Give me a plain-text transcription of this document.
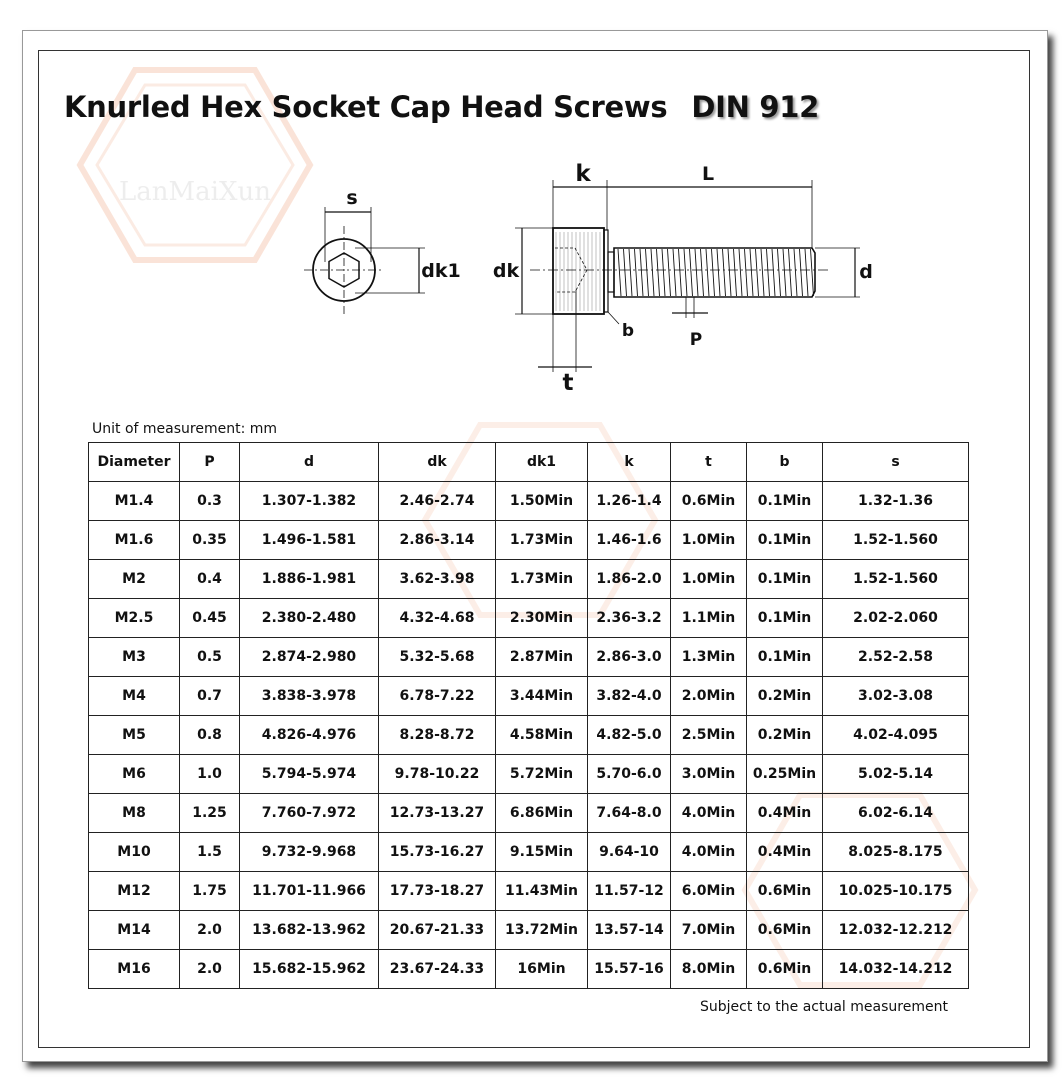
LanMaiXun
Knurled Hex Socket Cap Head Screws DIN 912
s
dk1
k	L
dk	d
b	P
t
Unit of measurement: mm
Diameter	P	d	dk	dk1	k	t	b	s
M1.4	0.3	1.307-1.382	2.46-2.74	1.50Min	1.26-1.4	0.6Min	0.1Min	1.32-1.36
M1.6	0.35	1.496-1.581	2.86-3.14	1.73Min	1.46-1.6	1.0Min	0.1Min	1.52-1.560
M2	0.4	1.886-1.981	3.62-3.98	1.73Min	1.86-2.0	1.0Min	0.1Min	1.52-1.560
M2.5	0.45	2.380-2.480	4.32-4.68	2.30Min	2.36-3.2	1.1Min	0.1Min	2.02-2.060
M3	0.5	2.874-2.980	5.32-5.68	2.87Min	2.86-3.0	1.3Min	0.1Min	2.52-2.58
M4	0.7	3.838-3.978	6.78-7.22	3.44Min	3.82-4.0	2.0Min	0.2Min	3.02-3.08
M5	0.8	4.826-4.976	8.28-8.72	4.58Min	4.82-5.0	2.5Min	0.2Min	4.02-4.095
M6	1.0	5.794-5.974	9.78-10.22	5.72Min	5.70-6.0	3.0Min	0.25Min	5.02-5.14
M8	1.25	7.760-7.972	12.73-13.27	6.86Min	7.64-8.0	4.0Min	0.4Min	6.02-6.14
M10	1.5	9.732-9.968	15.73-16.27	9.15Min	9.64-10	4.0Min	0.4Min	8.025-8.175
M12	1.75	11.701-11.966	17.73-18.27	11.43Min	11.57-12	6.0Min	0.6Min	10.025-10.175
M14	2.0	13.682-13.962	20.67-21.33	13.72Min	13.57-14	7.0Min	0.6Min	12.032-12.212
M16	2.0	15.682-15.962	23.67-24.33	16Min	15.57-16	8.0Min	0.6Min	14.032-14.212
Subject to the actual measurement
